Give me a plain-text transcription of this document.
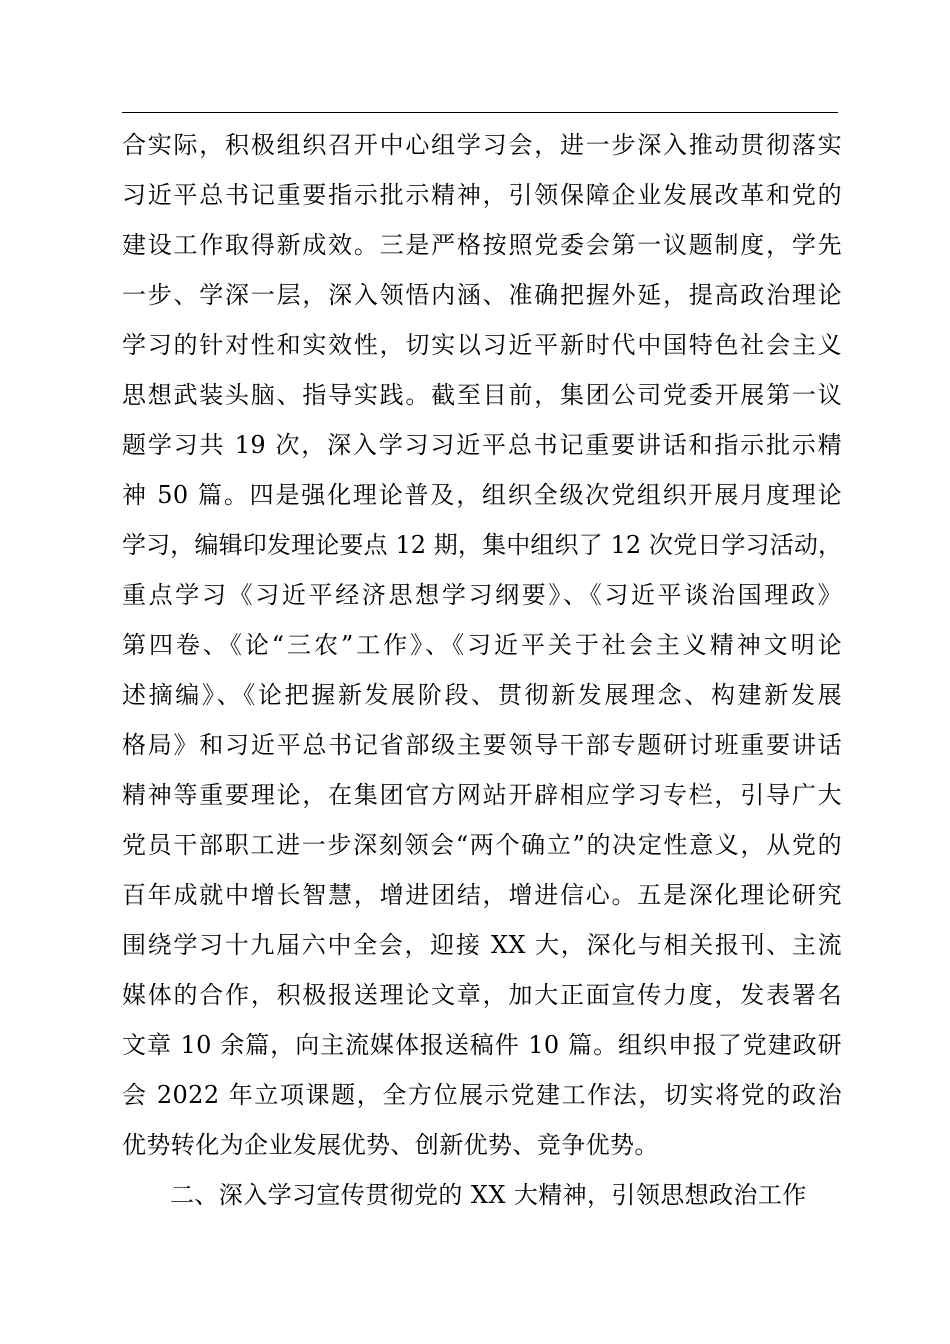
合实际，积极组织召开中心组学习会，进一步深入推动贯彻落实
习近平总书记重要指示批示精神，引领保障企业发展改革和党的
建设工作取得新成效。三是严格按照党委会第一议题制度，学先
一步、学深一层，深入领悟内涵、准确把握外延，提高政治理论
学习的针对性和实效性，切实以习近平新时代中国特色社会主义
思想武装头脑、指导实践。截至目前，集团公司党委开展第一议
题学习共 19 次，深入学习习近平总书记重要讲话和指示批示精
神 50 篇。四是强化理论普及，组织全级次党组织开展月度理论
学习，编辑印发理论要点 12 期，集中组织了 12 次党日学习活动，
重点学习《习近平经济思想学习纲要》、《习近平谈治国理政》
第四卷、《论“三农”工作》、《习近平关于社会主义精神文明论
述摘编》、《论把握新发展阶段、贯彻新发展理念、构建新发展
格局》和习近平总书记省部级主要领导干部专题研讨班重要讲话
精神等重要理论，在集团官方网站开辟相应学习专栏，引导广大
党员干部职工进一步深刻领会“两个确立”的决定性意义，从党的
百年成就中增长智慧，增进团结，增进信心。五是深化理论研究
围绕学习十九届六中全会，迎接 XX 大，深化与相关报刊、主流
媒体的合作，积极报送理论文章，加大正面宣传力度，发表署名
文章 10 余篇，向主流媒体报送稿件 10 篇。组织申报了党建政研
会 2022 年立项课题，全方位展示党建工作法，切实将党的政治
优势转化为企业发展优势、创新优势、竞争优势。
二、深入学习宣传贯彻党的 XX 大精神，引领思想政治工作
